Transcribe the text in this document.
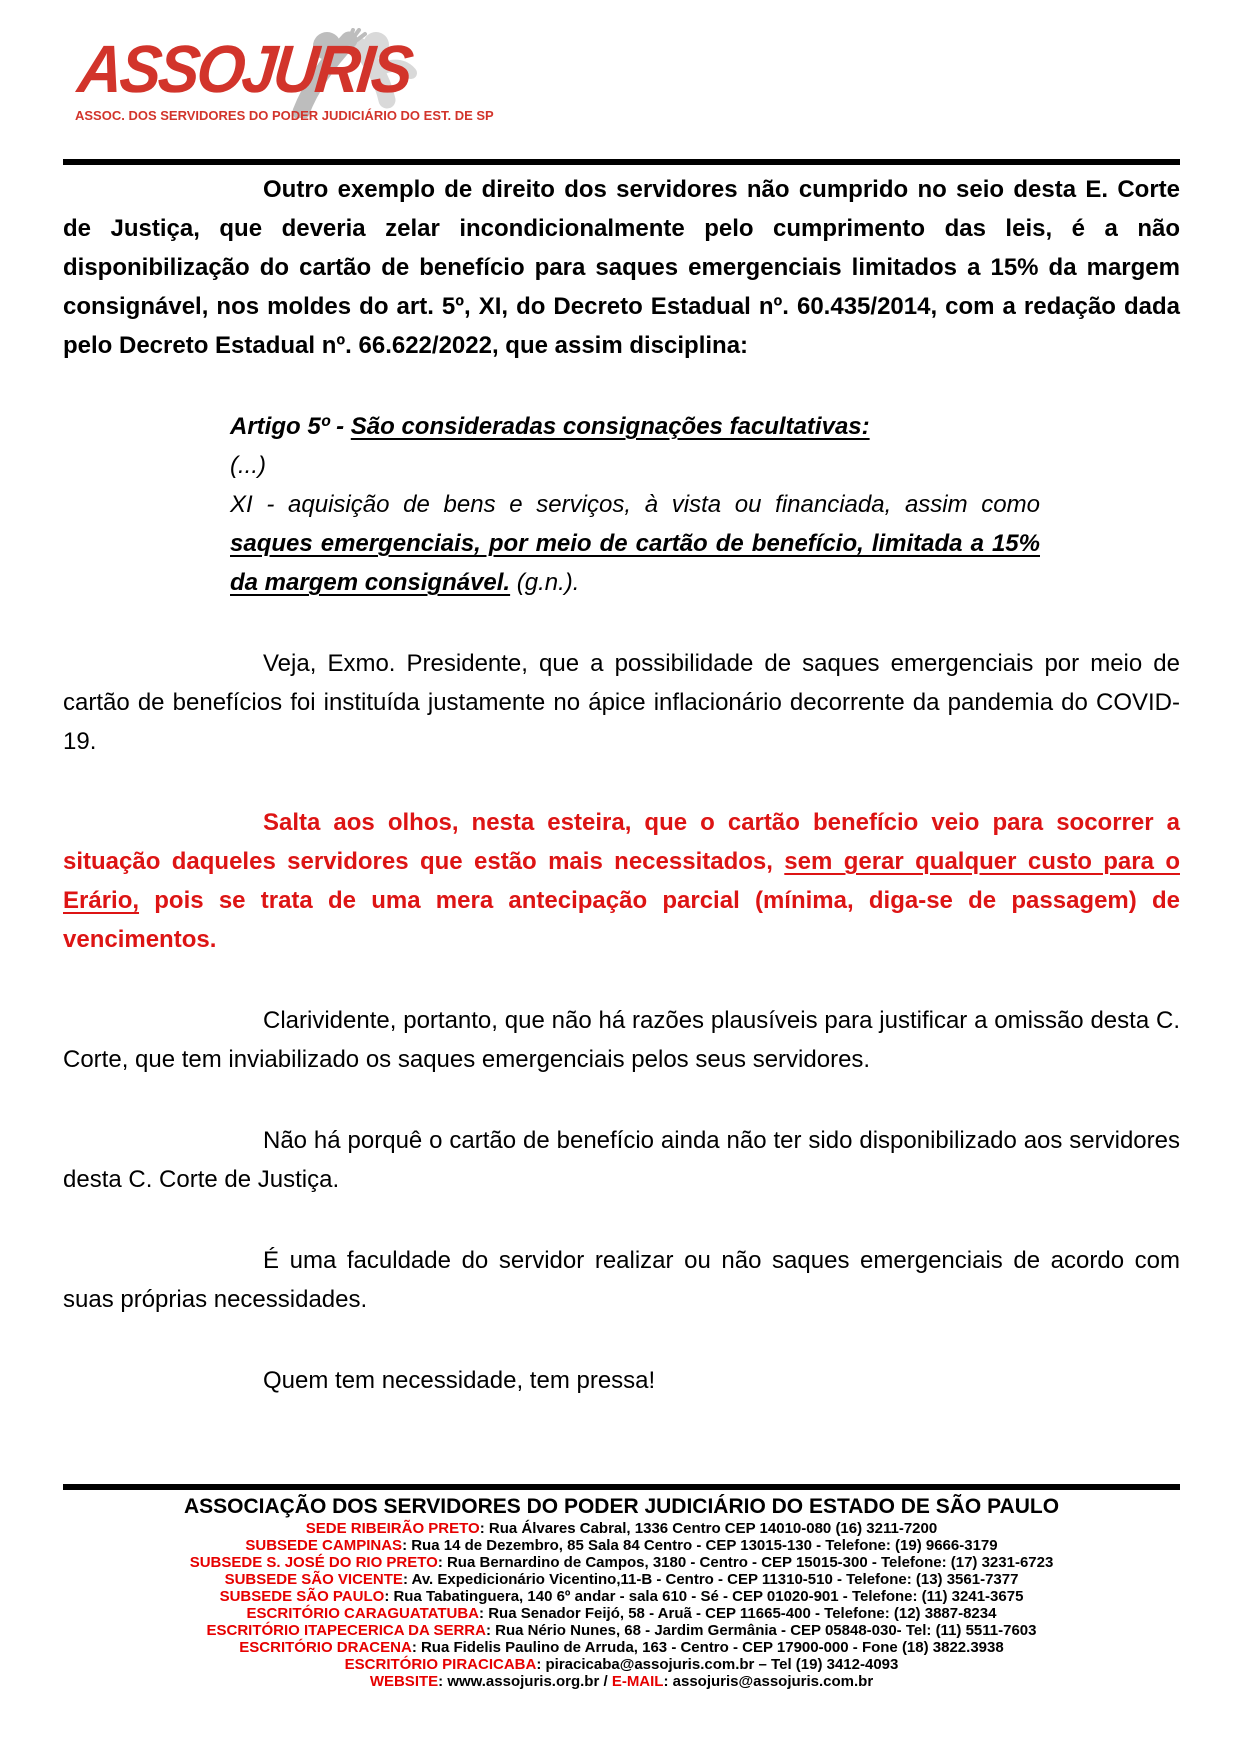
ASSOJURIS
ASSOC. DOS SERVIDORES DO PODER JUDICIÁRIO DO EST. DE SP

Outro exemplo de direito dos servidores não cumprido no seio desta E. Corte de Justiça, que deveria zelar incondicionalmente pelo cumprimento das leis, é a não disponibilização do cartão de benefício para saques emergenciais limitados a 15% da margem consignável, nos moldes do art. 5º, XI, do Decreto Estadual nº. 60.435/2014, com a redação dada pelo Decreto Estadual nº. 66.622/2022, que assim disciplina:

Artigo 5º - São consideradas consignações facultativas:

(...)

XI - aquisição de bens e serviços, à vista ou financiada, assim como saques emergenciais, por meio de cartão de benefício, limitada a 15% da margem consignável. (g.n.).

Veja, Exmo. Presidente, que a possibilidade de saques emergenciais por meio de cartão de benefícios foi instituída justamente no ápice inflacionário decorrente da pandemia do COVID-19.

Salta aos olhos, nesta esteira, que o cartão benefício veio para socorrer a situação daqueles servidores que estão mais necessitados, sem gerar qualquer custo para o Erário, pois se trata de uma mera antecipação parcial (mínima, diga-se de passagem) de vencimentos.

Clarividente, portanto, que não há razões plausíveis para justificar a omissão desta C. Corte, que tem inviabilizado os saques emergenciais pelos seus servidores.

Não há porquê o cartão de benefício ainda não ter sido disponibilizado aos servidores desta C. Corte de Justiça.

É uma faculdade do servidor realizar ou não saques emergenciais de acordo com suas próprias necessidades.

Quem tem necessidade, tem pressa!

ASSOCIAÇÃO DOS SERVIDORES DO PODER JUDICIÁRIO DO ESTADO DE SÃO PAULO
SEDE RIBEIRÃO PRETO: Rua Álvares Cabral, 1336 Centro CEP 14010-080 (16) 3211-7200
SUBSEDE CAMPINAS: Rua 14 de Dezembro, 85 Sala 84 Centro - CEP 13015-130 - Telefone: (19) 9666-3179
SUBSEDE S. JOSÉ DO RIO PRETO: Rua Bernardino de Campos, 3180 - Centro - CEP 15015-300 - Telefone: (17) 3231-6723
SUBSEDE SÃO VICENTE: Av. Expedicionário Vicentino,11-B - Centro - CEP 11310-510 - Telefone: (13) 3561-7377
SUBSEDE SÃO PAULO: Rua Tabatinguera, 140 6º andar - sala 610 - Sé - CEP 01020-901 - Telefone: (11) 3241-3675
ESCRITÓRIO CARAGUATATUBA: Rua Senador Feijó, 58 - Aruã - CEP 11665-400 - Telefone: (12) 3887-8234
ESCRITÓRIO ITAPECERICA DA SERRA: Rua Nério Nunes, 68 - Jardim Germânia - CEP 05848-030- Tel: (11) 5511-7603
ESCRITÓRIO DRACENA: Rua Fidelis Paulino de Arruda, 163 - Centro - CEP 17900-000 - Fone (18) 3822.3938
ESCRITÓRIO PIRACICABA: piracicaba@assojuris.com.br – Tel (19) 3412-4093
WEBSITE: www.assojuris.org.br / E-MAIL: assojuris@assojuris.com.br
